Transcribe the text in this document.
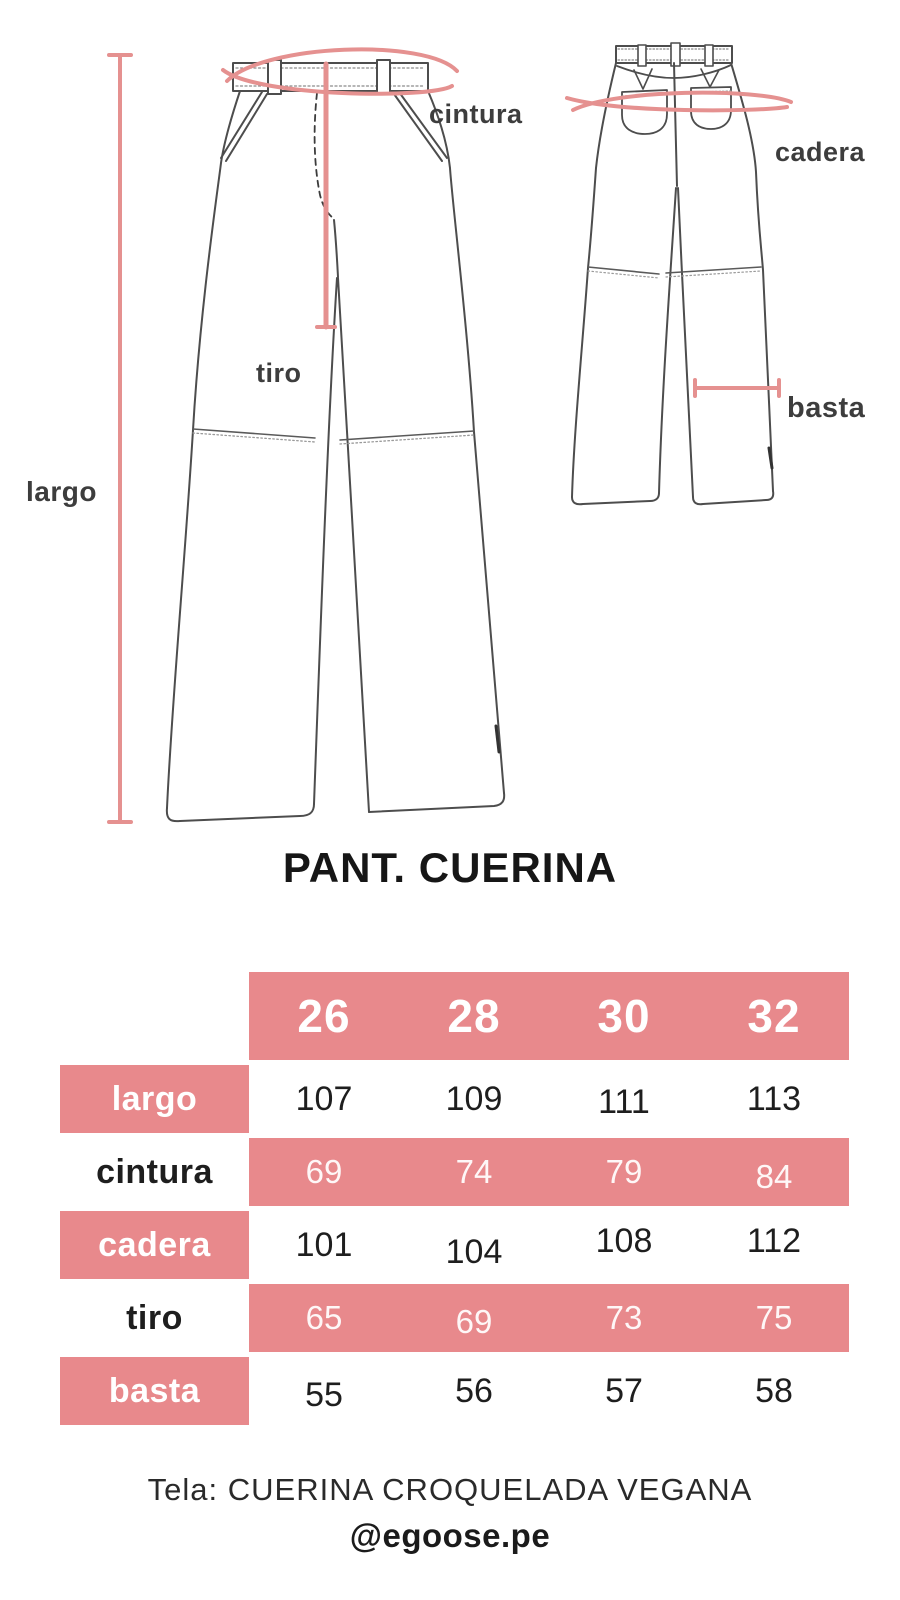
largo
cintura
cadera
tiro
basta
PANT. CUERINA
26 28 30 32
largo	107	109	111	113
cintura	69	74	79	84
cadera	101	104	108	112
tiro	65	69	73	75
basta	55	56	57	58
Tela: CUERINA CROQUELADA VEGANA
@egoose.pe
